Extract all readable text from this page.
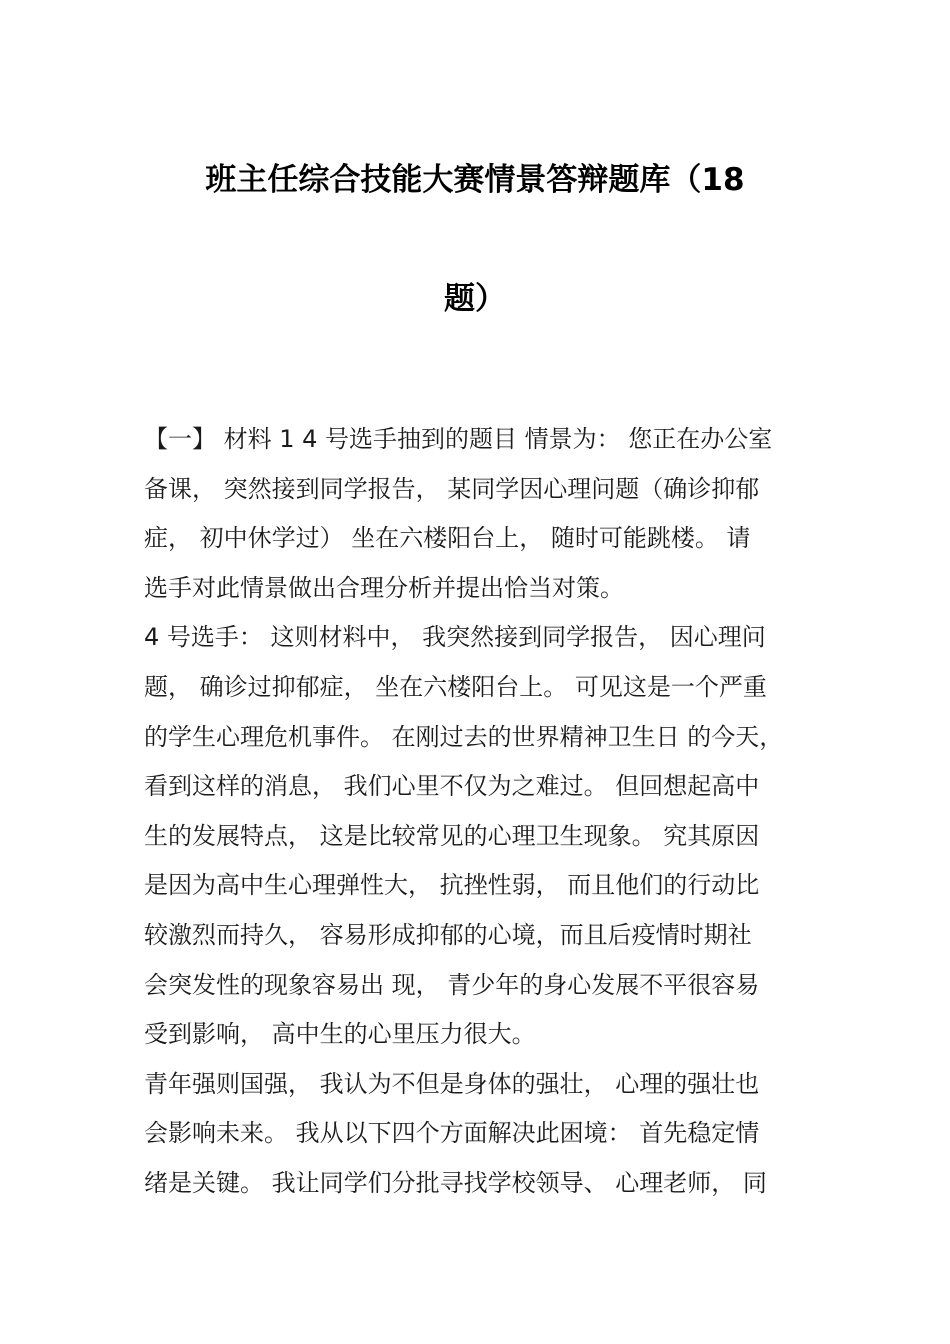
班主任综合技能大赛情景答辩题库（18
题）
【一】 材料 1 4 号选手抽到的题目 情景为： 您正在办公室
备课， 突然接到同学报告， 某同学因心理问题（确诊抑郁
症， 初中休学过） 坐在六楼阳台上， 随时可能跳楼。 请
选手对此情景做出合理分析并提出恰当对策。
4 号选手： 这则材料中， 我突然接到同学报告， 因心理问
题， 确诊过抑郁症， 坐在六楼阳台上。 可见这是一个严重
的学生心理危机事件。 在刚过去的世界精神卫生日 的今天，
看到这样的消息， 我们心里不仅为之难过。 但回想起高中
生的发展特点， 这是比较常见的心理卫生现象。 究其原因
是因为高中生心理弹性大， 抗挫性弱， 而且他们的行动比
较激烈而持久， 容易形成抑郁的心境，而且后疫情时期社
会突发性的现象容易出 现， 青少年的身心发展不平很容易
受到影响， 高中生的心里压力很大。
青年强则国强， 我认为不但是身体的强壮， 心理的强壮也
会影响未来。 我从以下四个方面解决此困境： 首先稳定情
绪是关键。 我让同学们分批寻找学校领导、 心理老师， 同
